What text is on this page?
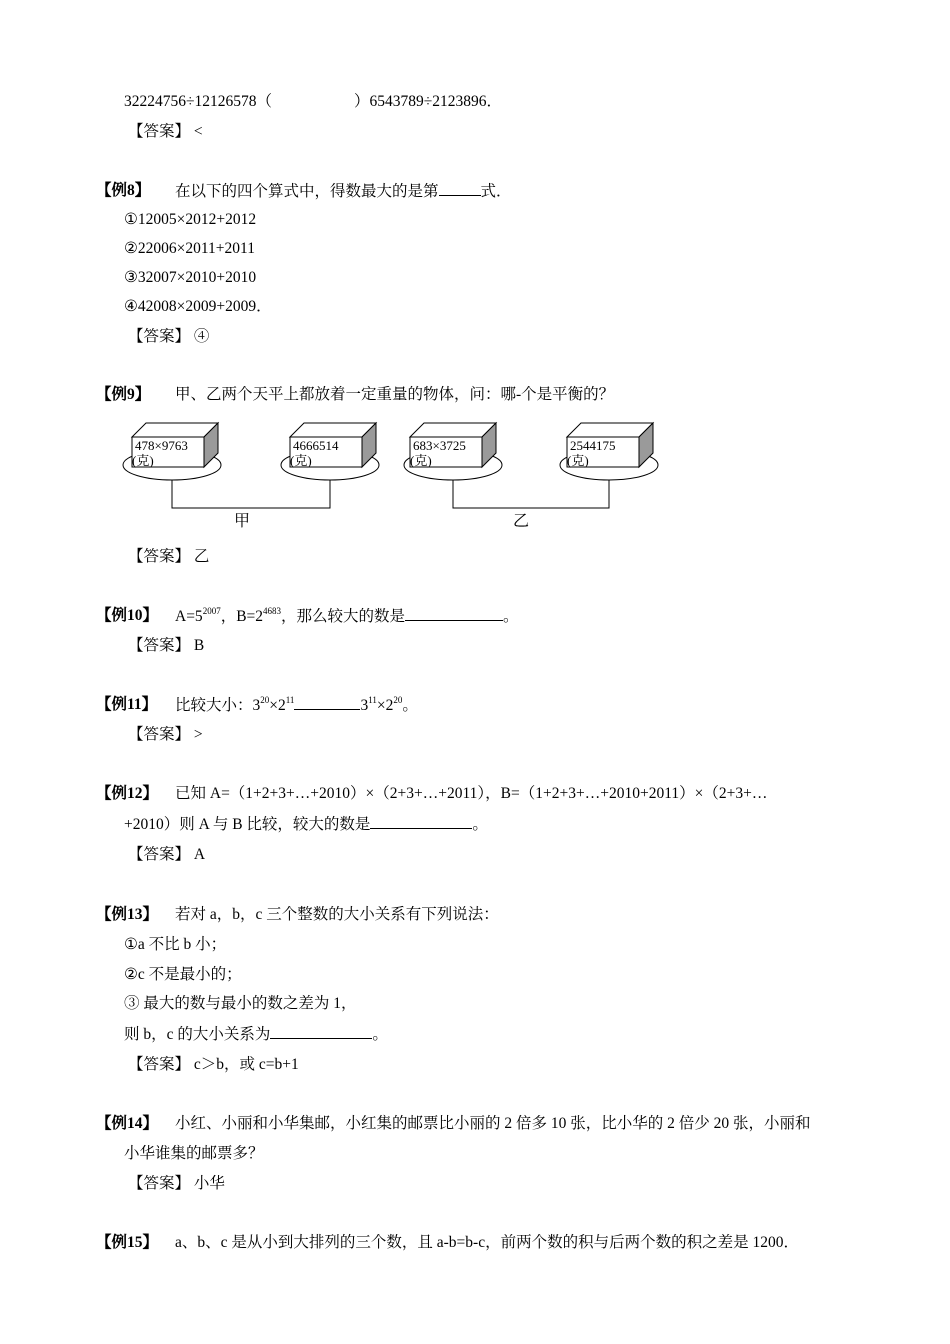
32224756÷12126578（	）6543789÷2123896．
【答案】 <
【例8】 在以下的四个算式中，得数最大的是第	式．
①12005×2012+2012
②22006×2011+2011
③32007×2010+2010
④42008×2009+2009．
【答案】 ④
【例9】 甲、乙两个天平上都放着一定重量的物体，问：哪-个是平衡的？
478×9763	4666514	683×3725	2544175
(克)	(克)	(克)	(克)
甲	乙
【答案】 乙
【例10】 $A=5^{2007}$，$B=2^{4683}$，那么较大的数是	。
【答案】 B
【例11】 比较大小：$3^{20}\times 2^{11}$	$3^{11}\times 2^{20}$。
【答案】 >
【例12】 已知 A=（1+2+3+…+2010）×（2+3+…+2011），B=（1+2+3+…+2010+2011）×（2+3+…
+2010）则 A 与 B 比较，较大的数是	。
【答案】 A
【例13】 若对 a，b，c 三个整数的大小关系有下列说法：
①a 不比 b 小；
②c 不是最小的；
③ 最大的数与最小的数之差为 1，
则 b，c 的大小关系为	。
【答案】 c＞b，或 c=b+1
【例14】 小红、小丽和小华集邮，小红集的邮票比小丽的 2 倍多 10 张，比小华的 2 倍少 20 张，小丽和
小华谁集的邮票多？
【答案】 小华
【例15】 a、b、c 是从小到大排列的三个数，且 a-b=b-c，前两个数的积与后两个数的积之差是 1200．
